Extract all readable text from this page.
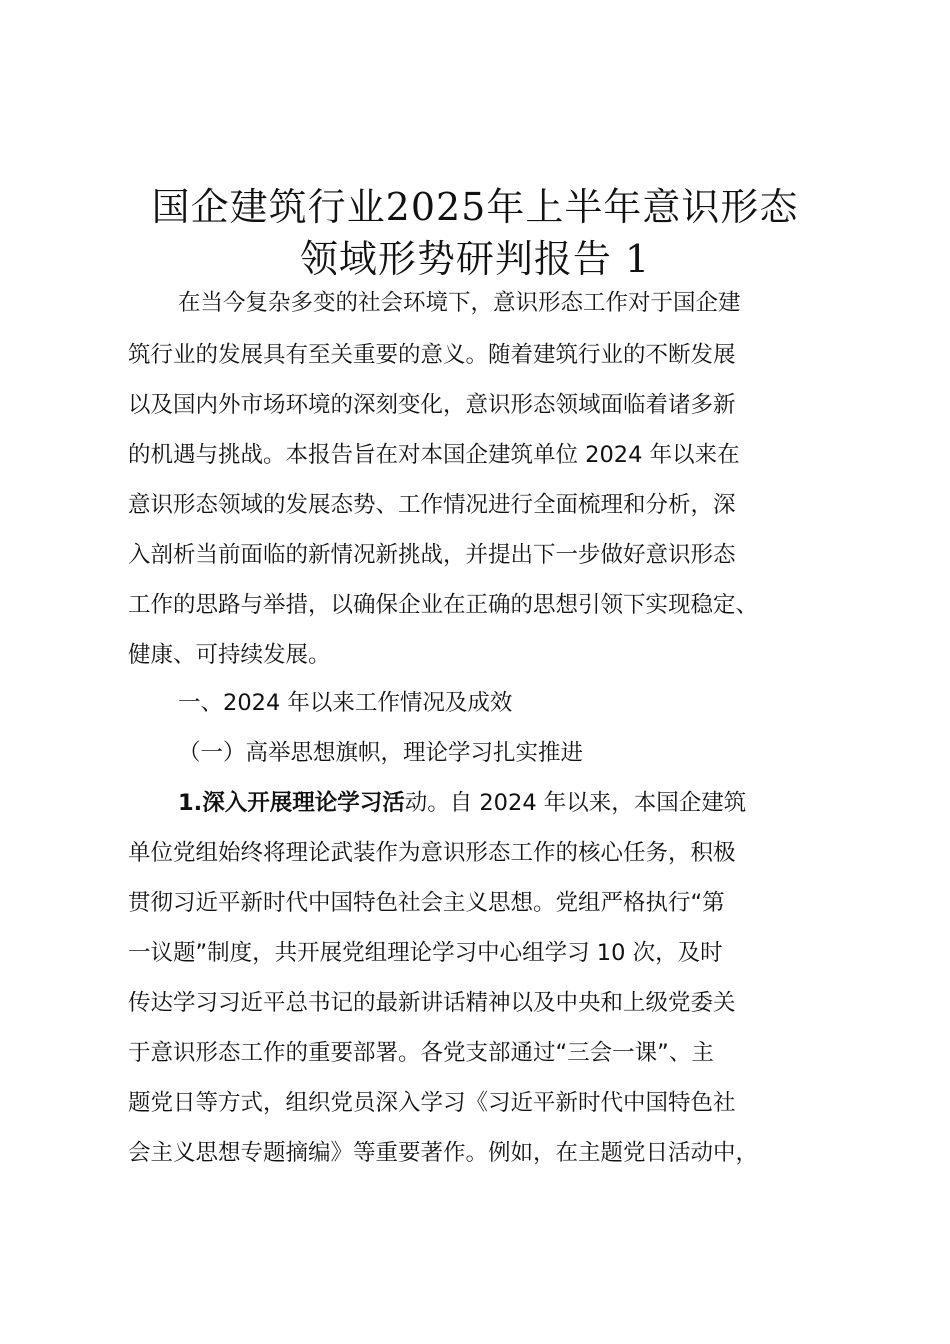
国企建筑行业2025年上半年意识形态
领域形势研判报告 1
在当今复杂多变的社会环境下，意识形态工作对于国企建
筑行业的发展具有至关重要的意义。随着建筑行业的不断发展
以及国内外市场环境的深刻变化，意识形态领域面临着诸多新
的机遇与挑战。本报告旨在对本国企建筑单位 2024 年以来在
意识形态领域的发展态势、工作情况进行全面梳理和分析，深
入剖析当前面临的新情况新挑战，并提出下一步做好意识形态
工作的思路与举措，以确保企业在正确的思想引领下实现稳定、
健康、可持续发展。
一、2024 年以来工作情况及成效
（一）高举思想旗帜，理论学习扎实推进
1.深入开展理论学习活动。自 2024 年以来，本国企建筑
单位党组始终将理论武装作为意识形态工作的核心任务，积极
贯彻习近平新时代中国特色社会主义思想。党组严格执行“第
一议题”制度，共开展党组理论学习中心组学习 10 次，及时
传达学习习近平总书记的最新讲话精神以及中央和上级党委关
于意识形态工作的重要部署。各党支部通过“三会一课”、主
题党日等方式，组织党员深入学习《习近平新时代中国特色社
会主义思想专题摘编》等重要著作。例如，在主题党日活动中，
